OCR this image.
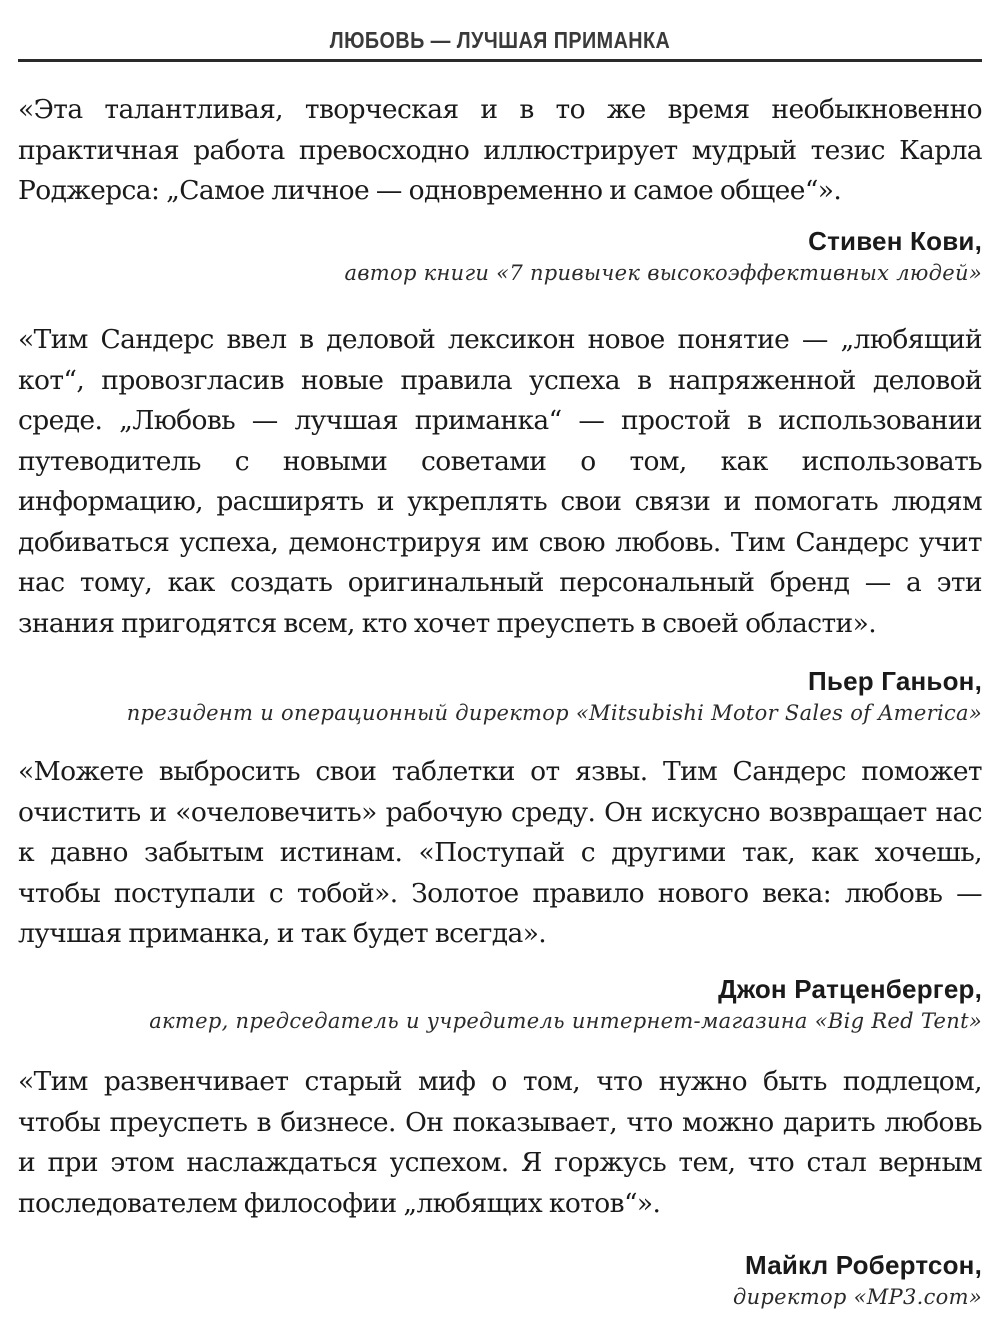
ЛЮБОВЬ — ЛУЧШАЯ ПРИМАНКА

«Эта талантливая, творческая и в то же время необыкновенно практичная работа превосходно иллюстрирует мудрый тезис Карла Роджерса: „Самое личное — одновременно и самое общее“».

Стивен Кови,
автор книги «7 привычек высокоэффективных людей»

«Тим Сандерс ввел в деловой лексикон новое понятие — „любящий кот“, провозгласив новые правила успеха в напряженной деловой среде. „Любовь — лучшая приманка“ — простой в использовании путеводитель с новыми советами о том, как использовать информацию, расширять и укреплять свои связи и помогать людям добиваться успеха, демонстрируя им свою любовь. Тим Сандерс учит нас тому, как создать оригинальный персональный бренд — а эти знания пригодятся всем, кто хочет преуспеть в своей области».

Пьер Ганьон,
президент и операционный директор «Mitsubishi Motor Sales of America»

«Можете выбросить свои таблетки от язвы. Тим Сандерс поможет очистить и «очеловечить» рабочую среду. Он искусно возвращает нас к давно забытым истинам. «Поступай с другими так, как хочешь, чтобы поступали с тобой». Золотое правило нового века: любовь — лучшая приманка, и так будет всегда».

Джон Ратценбергер,
актер, председатель и учредитель интернет-магазина «Big Red Tent»

«Тим развенчивает старый миф о том, что нужно быть подлецом, чтобы преуспеть в бизнесе. Он показывает, что можно дарить любовь и при этом наслаждаться успехом. Я горжусь тем, что стал верным последователем философии „любящих котов“».

Майкл Робертсон,
директор «MP3.com»
